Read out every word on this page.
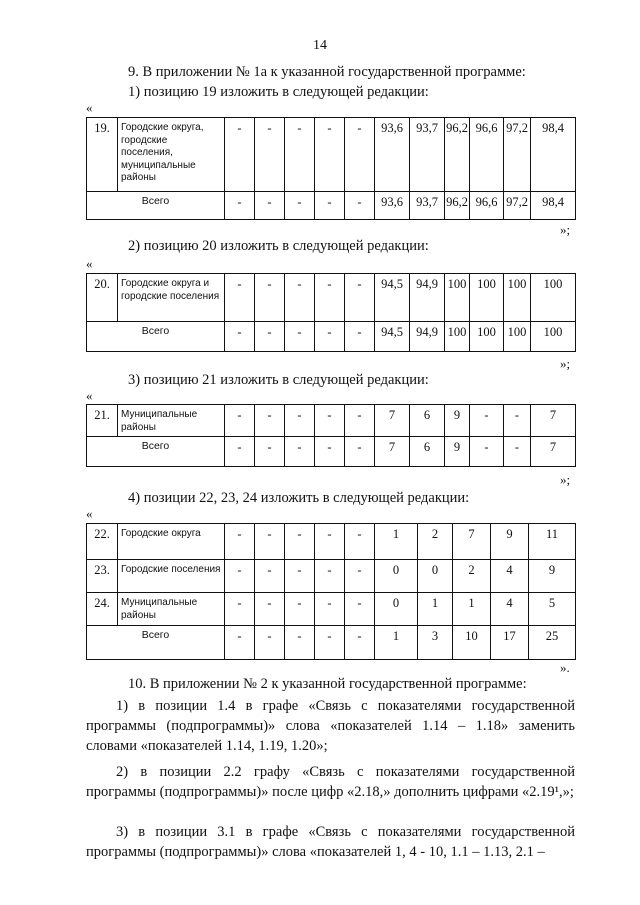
14
9. В приложении № 1а к указанной государственной программе:
1) позицию 19 изложить в следующей редакции:
«
19.	Городские округа, городские поселения, муниципальные районы	-	-	-	-	-	93,6	93,7	96,2	96,6	97,2	98,4
Всего		-	-	-	-	-	93,6	93,7	96,2	96,6	97,2	98,4
»;
2) позицию 20 изложить в следующей редакции:
«
20.	Городские округа и городские поселения	-	-	-	-	-	94,5	94,9	100	100	100	100
Всего		-	-	-	-	-	94,5	94,9	100	100	100	100
»;
3) позицию 21 изложить в следующей редакции:
«
21.	Муниципальные районы	-	-	-	-	-	7	6	9	-	-	7
Всего		-	-	-	-	-	7	6	9	-	-	7
»;
4) позиции 22, 23, 24 изложить в следующей редакции:
«
22.	Городские округа	-	-	-	-	-	1	2	7	9	11
23.	Городские поселения	-	-	-	-	-	0	0	2	4	9
24.	Муниципальные районы	-	-	-	-	-	0	1	1	4	5
Всего		-	-	-	-	-	1	3	10	17	25
».
10. В приложении № 2 к указанной государственной программе:
1) в позиции 1.4 в графе «Связь с показателями государственной программы (подпрограммы)» слова «показателей 1.14 – 1.18» заменить словами «показателей 1.14, 1.19, 1.20»;
2) в позиции 2.2 графу «Связь с показателями государственной программы (подпрограммы)» после цифр «2.18,» дополнить цифрами «2.19¹,»;
3) в позиции 3.1 в графе «Связь с показателями государственной программы (подпрограммы)» слова «показателей 1, 4 - 10, 1.1 – 1.13, 2.1 –
